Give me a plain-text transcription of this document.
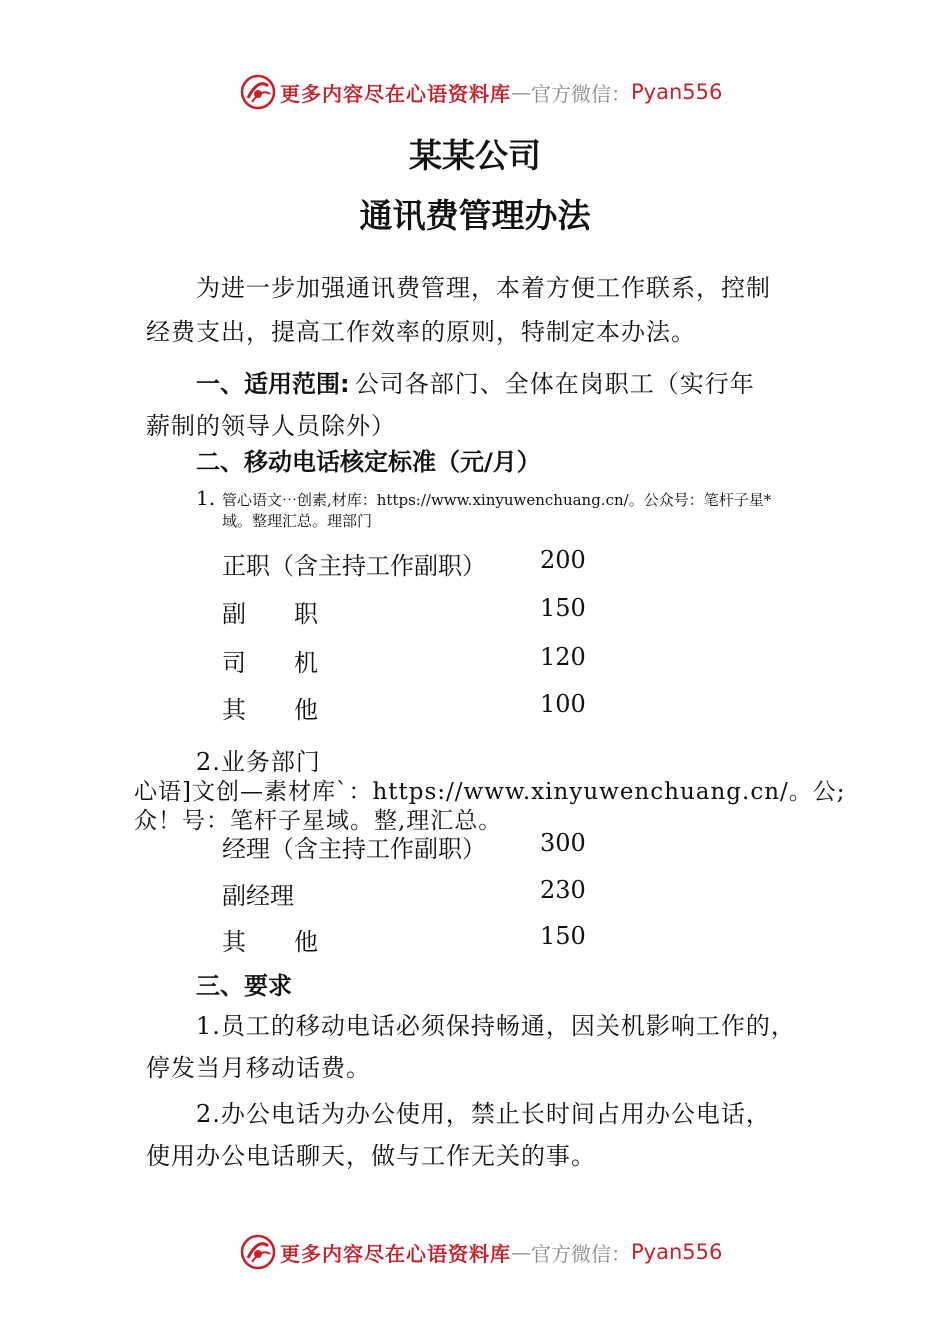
更多内容尽在心语资料库 — 官方微信： Pyan556
某某公司
通讯费管理办法
为进一步加强通讯费管理，本着方便工作联系，控制
经费支出，提高工作效率的原则，特制定本办法。
一、适用范围: 公司各部门、全体在岗职工（实行年
薪制的领导人员除外）
二、移动电话核定标准（元/月）
1. 管心语文⋯创素,材库：https://www.xinyuwenchuang.cn/。公众号：笔杆子星*
域。整理汇总。理部门
正职（含主持工作副职） 200
副　　职	150
司　　机	120
其　　他	100
2.业务部门
心语]文创—素材库`：https://www.xinyuwenchuang.cn/。公;
众！号：笔杆子星域。整,理汇总。
经理（含主持工作副职） 300
副经理	230
其　　他	150
三、要求
1.员工的移动电话必须保持畅通，因关机影响工作的，
停发当月移动话费。
2.办公电话为办公使用，禁止长时间占用办公电话，
使用办公电话聊天，做与工作无关的事。
更多内容尽在心语资料库 — 官方微信： Pyan556
